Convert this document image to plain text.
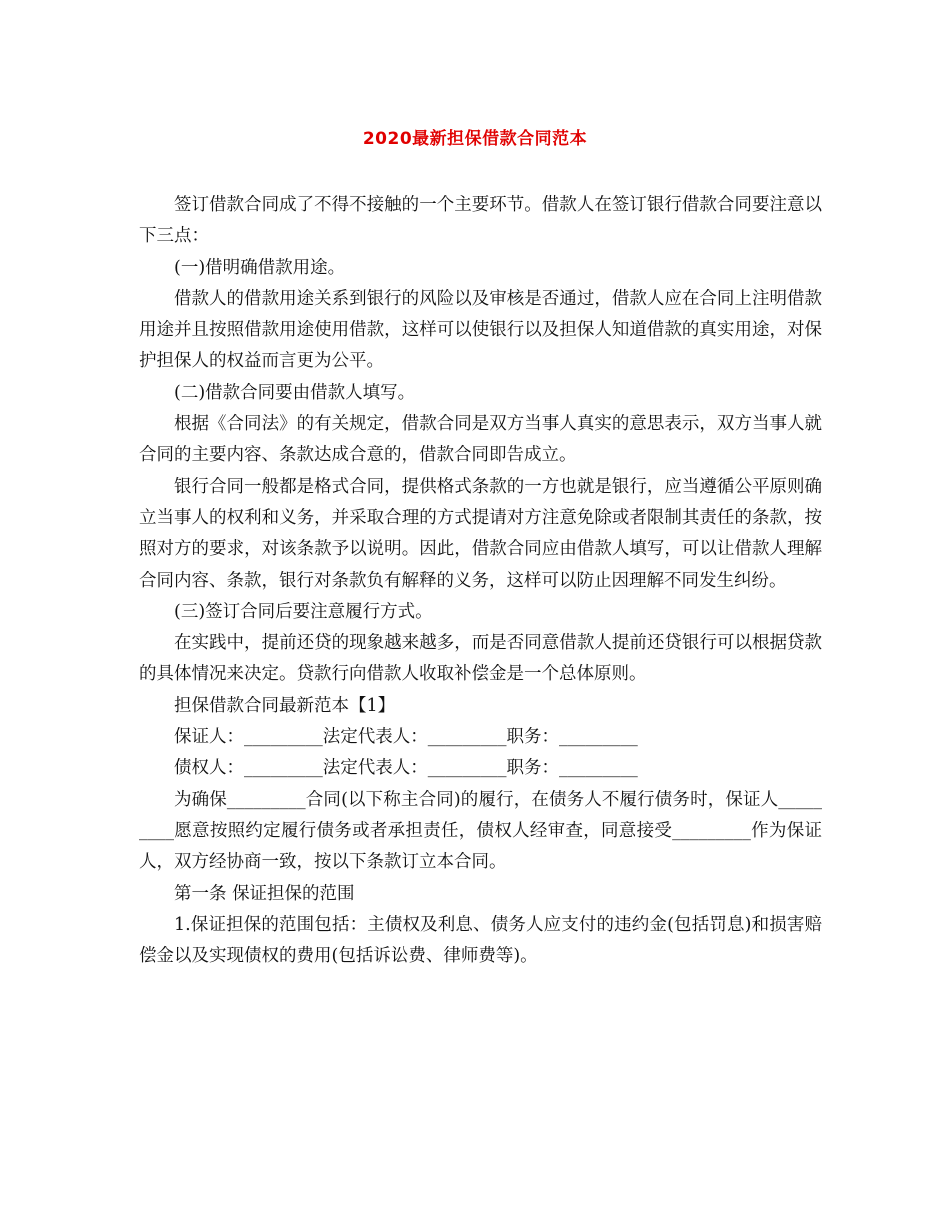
2020最新担保借款合同范本

签订借款合同成了不得不接触的一个主要环节。借款人在签订银行借款合同要注意以下三点：

(一)借明确借款用途。

借款人的借款用途关系到银行的风险以及审核是否通过，借款人应在合同上注明借款用途并且按照借款用途使用借款，这样可以使银行以及担保人知道借款的真实用途，对保护担保人的权益而言更为公平。

(二)借款合同要由借款人填写。

根据《合同法》的有关规定，借款合同是双方当事人真实的意思表示，双方当事人就合同的主要内容、条款达成合意的，借款合同即告成立。

银行合同一般都是格式合同，提供格式条款的一方也就是银行，应当遵循公平原则确立当事人的权利和义务，并采取合理的方式提请对方注意免除或者限制其责任的条款，按照对方的要求，对该条款予以说明。因此，借款合同应由借款人填写，可以让借款人理解合同内容、条款，银行对条款负有解释的义务，这样可以防止因理解不同发生纠纷。

(三)签订合同后要注意履行方式。

在实践中，提前还贷的现象越来越多，而是否同意借款人提前还贷银行可以根据贷款的具体情况来决定。贷款行向借款人收取补偿金是一个总体原则。

担保借款合同最新范本【1】

保证人：_________法定代表人：_________职务：_________

债权人：_________法定代表人：_________职务：_________

为确保_________合同(以下称主合同)的履行，在债务人不履行债务时，保证人_________愿意按照约定履行债务或者承担责任，债权人经审查，同意接受_________作为保证人，双方经协商一致，按以下条款订立本合同。

第一条 保证担保的范围

1.保证担保的范围包括：主债权及利息、债务人应支付的违约金(包括罚息)和损害赔偿金以及实现债权的费用(包括诉讼费、律师费等)。
